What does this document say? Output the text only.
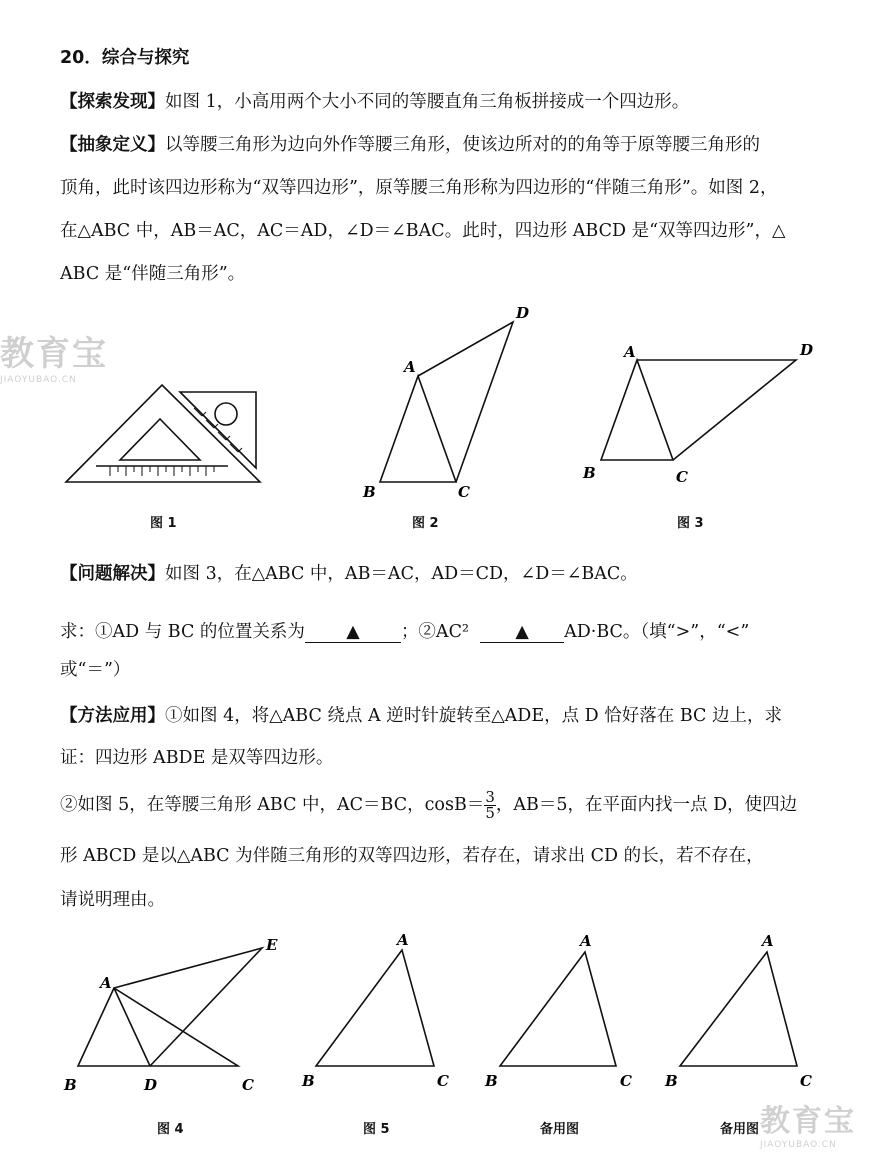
20．综合与探究
【探索发现】如图 1，小高用两个大小不同的等腰直角三角板拼接成一个四边形。
【抽象定义】以等腰三角形为边向外作等腰三角形，使该边所对的的角等于原等腰三角形的
顶角，此时该四边形称为“双等四边形”，原等腰三角形称为四边形的“伴随三角形”。如图 2，
在△ABC 中，AB＝AC，AC＝AD，∠D＝∠BAC。此时，四边形 ABCD 是“双等四边形”，△
ABC 是“伴随三角形”。
教育宝
JIAOYUBAO.CN
A
B	C
D
A
B	C
D
A
B	D	C
E	A
B	C
A
B	C
A
B	C
图 1	图 2	图 3
【问题解决】如图 3，在△ABC 中，AB＝AC，AD＝CD，∠D＝∠BAC。
求：①AD 与 BC 的位置关系为 ▲ ；②AC²	▲ AD·BC。（填“>”，“<”
或“＝”）
【方法应用】①如图 4，将△ABC 绕点 A 逆时针旋转至△ADE，点 D 恰好落在 BC 边上，求
证：四边形 ABDE 是双等四边形。
②如图 5，在等腰三角形 ABC 中，AC＝BC，$\cos B= \frac{3}{5}$ ，AB＝5，在平面内找一点 D，使四边
形 ABCD 是以△ABC 为伴随三角形的双等四边形，若存在，请求出 CD 的长，若不存在，
请说明理由。
图 4	图 5	备用图	备用图 教育宝
JIAOYUBAO.CN
